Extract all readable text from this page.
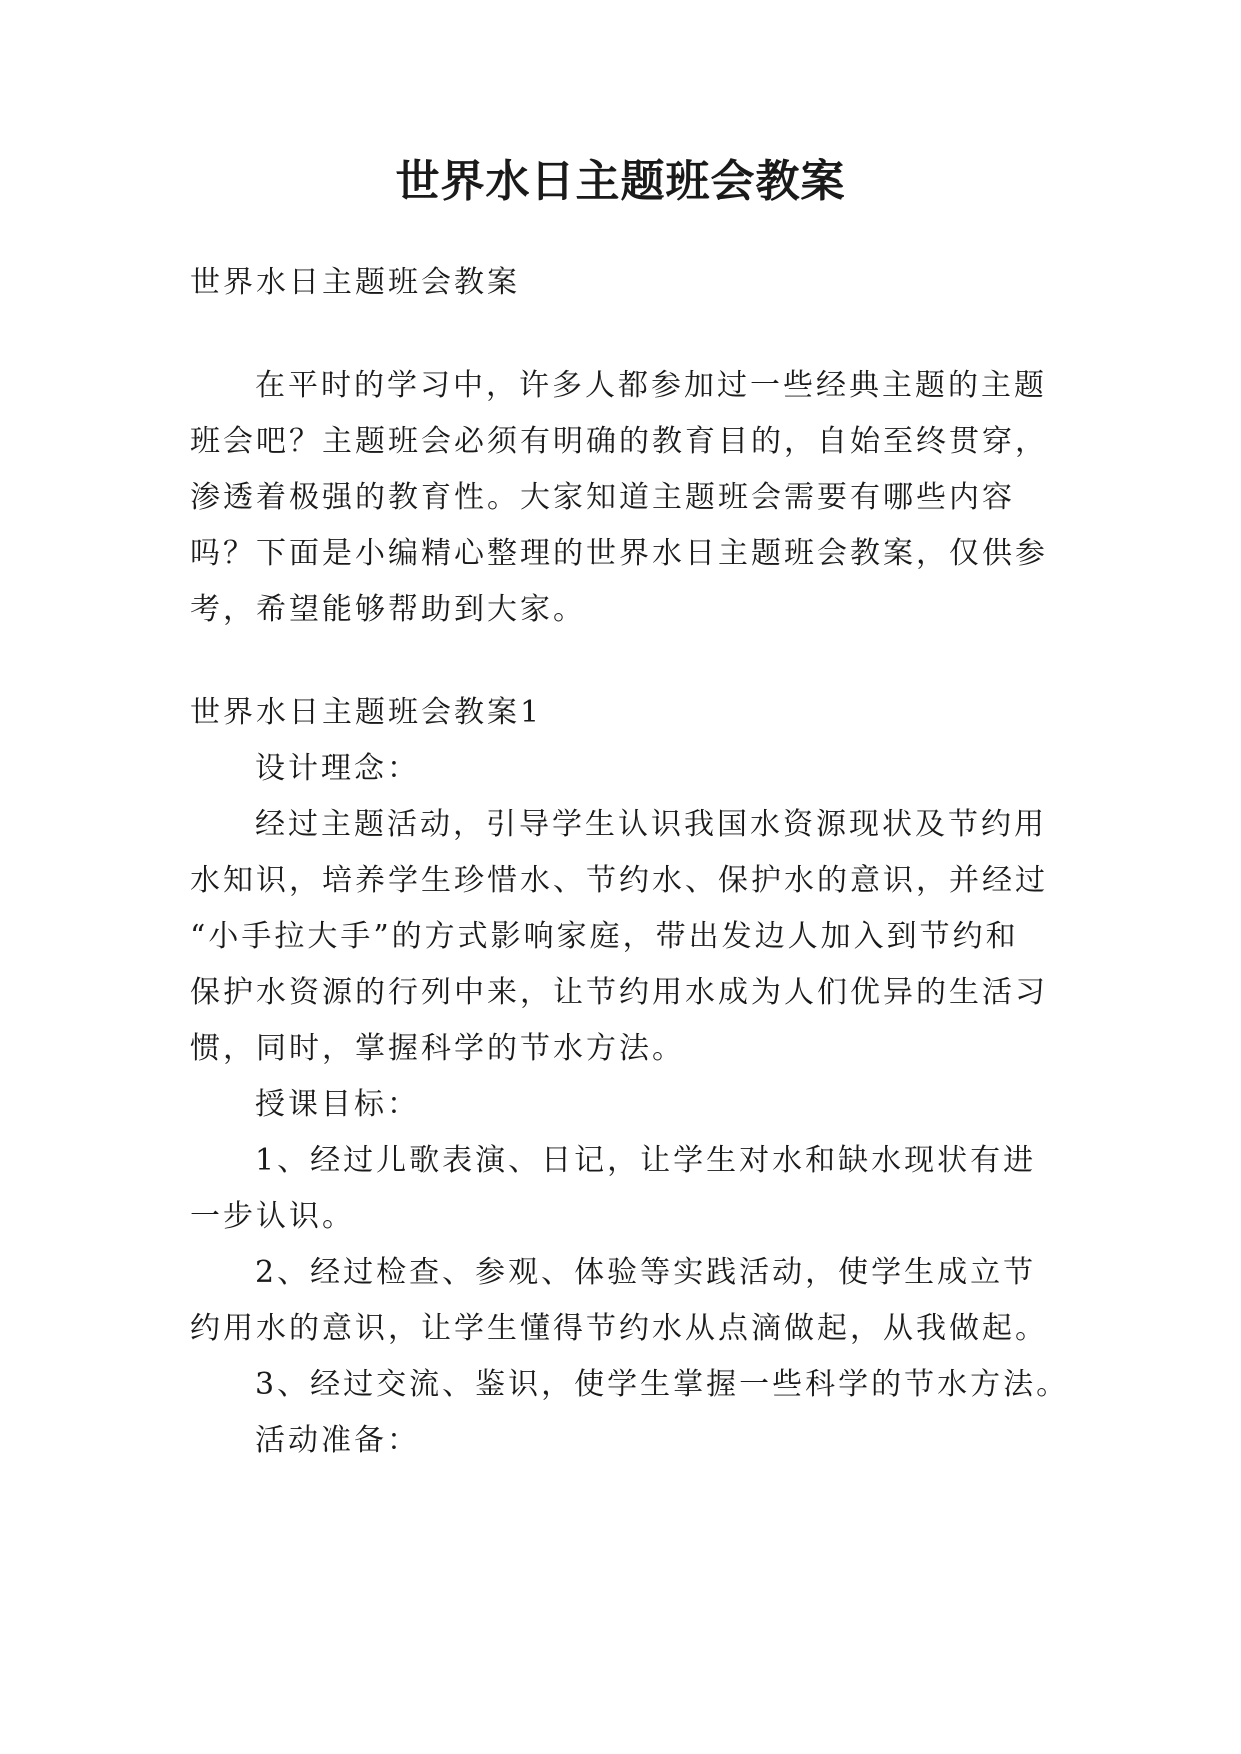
世界水日主题班会教案
世界水日主题班会教案
在平时的学习中，许多人都参加过一些经典主题的主题
班会吧？主题班会必须有明确的教育目的，自始至终贯穿，
渗透着极强的教育性。大家知道主题班会需要有哪些内容
吗？下面是小编精心整理的世界水日主题班会教案，仅供参
考，希望能够帮助到大家。
世界水日主题班会教案1
设计理念：
经过主题活动，引导学生认识我国水资源现状及节约用
水知识，培养学生珍惜水、节约水、保护水的意识，并经过
“小手拉大手”的方式影响家庭，带出发边人加入到节约和
保护水资源的行列中来，让节约用水成为人们优异的生活习
惯，同时，掌握科学的节水方法。
授课目标：
1、经过儿歌表演、日记，让学生对水和缺水现状有进
一步认识。
2、经过检查、参观、体验等实践活动，使学生成立节
约用水的意识，让学生懂得节约水从点滴做起，从我做起。
3、经过交流、鉴识，使学生掌握一些科学的节水方法。
活动准备：
